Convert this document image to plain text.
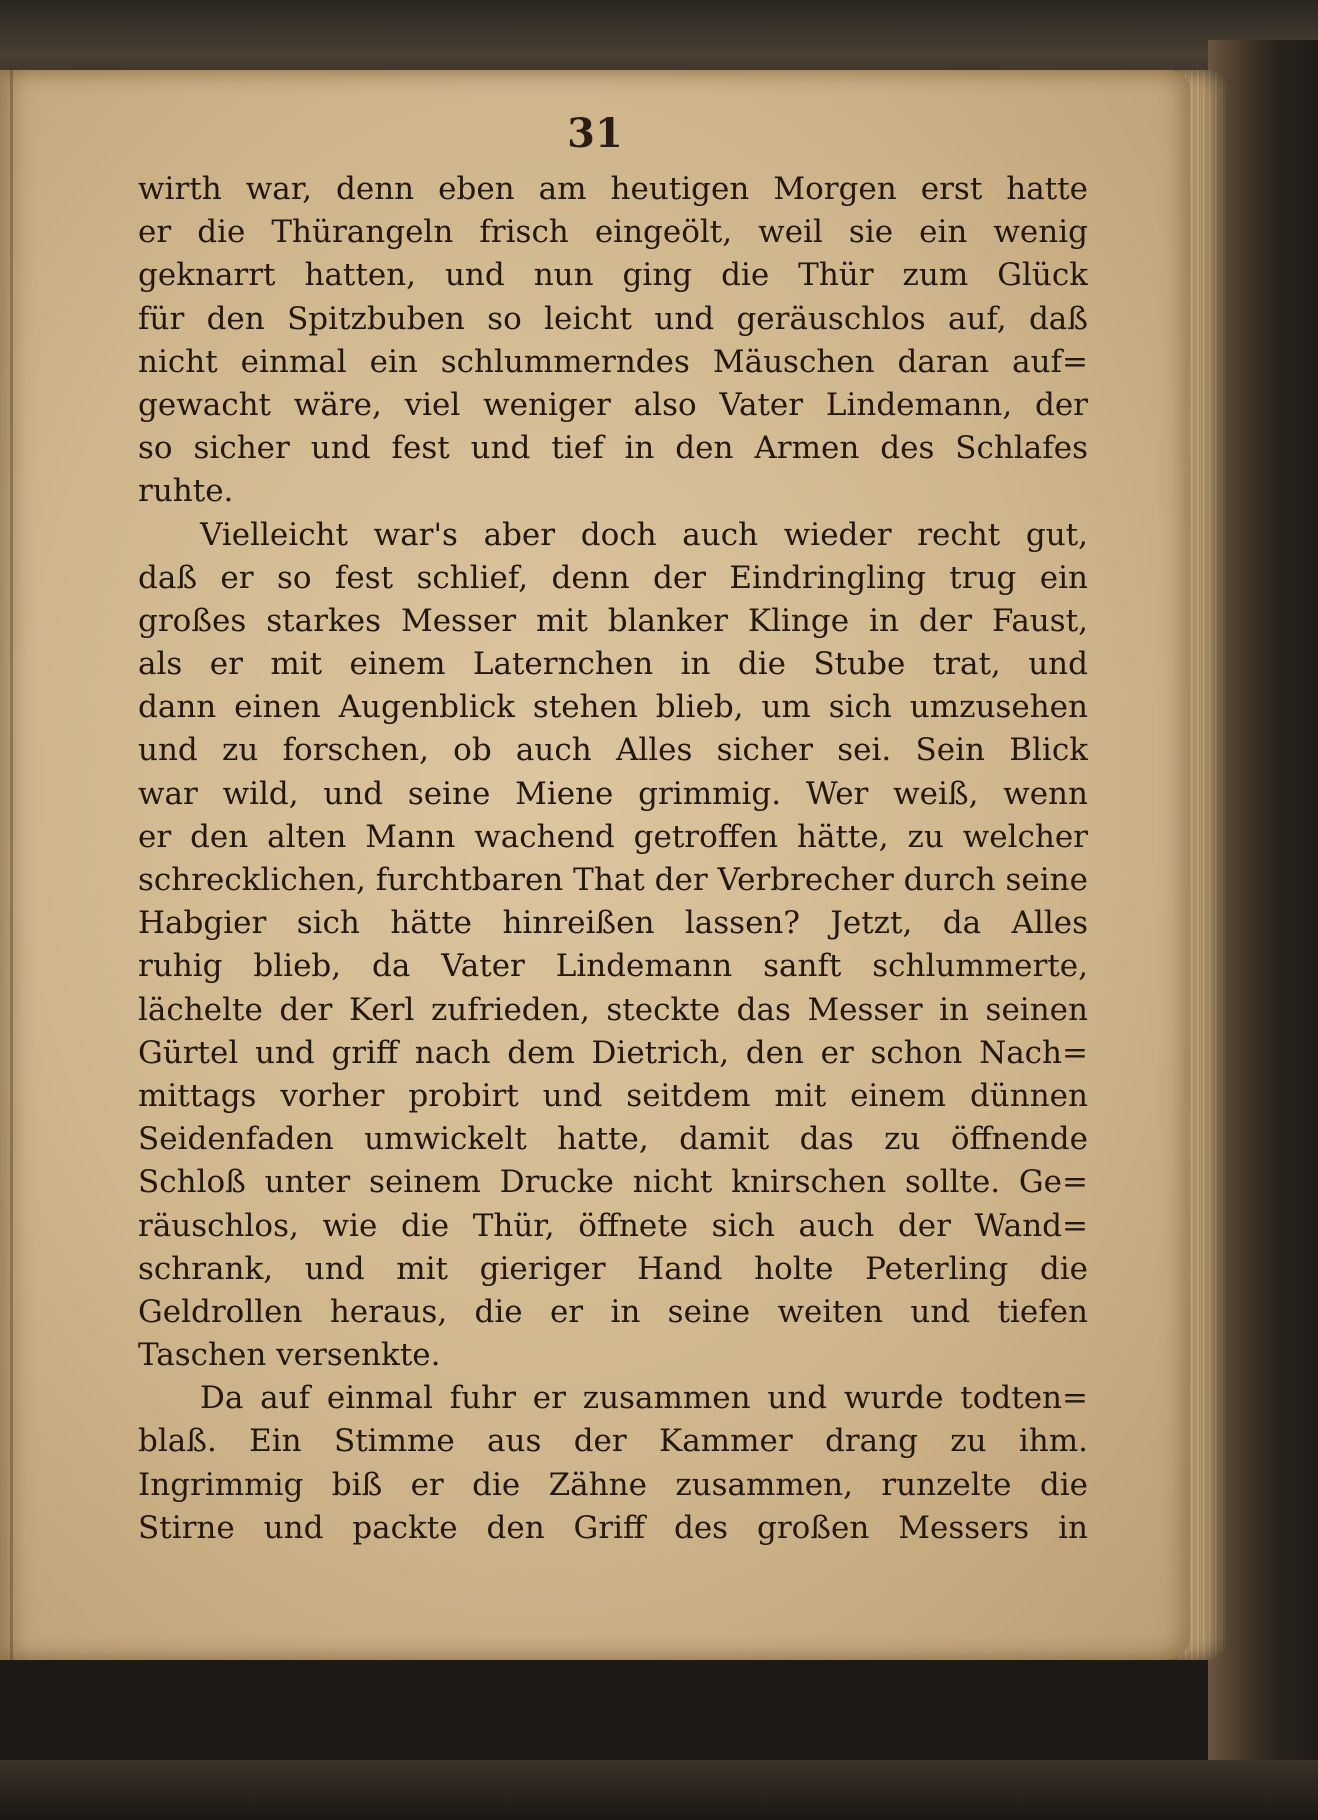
31
wirth war, denn eben am heutigen Morgen erst hatte
er die Thürangeln frisch eingeölt, weil sie ein wenig
geknarrt hatten, und nun ging die Thür zum Glück
für den Spitzbuben so leicht und geräuschlos auf, daß
nicht einmal ein schlummerndes Mäuschen daran auf=
gewacht wäre, viel weniger also Vater Lindemann, der
so sicher und fest und tief in den Armen des Schlafes
ruhte.
Vielleicht war's aber doch auch wieder recht gut,
daß er so fest schlief, denn der Eindringling trug ein
großes starkes Messer mit blanker Klinge in der Faust,
als er mit einem Laternchen in die Stube trat, und
dann einen Augenblick stehen blieb, um sich umzusehen
und zu forschen, ob auch Alles sicher sei. Sein Blick
war wild, und seine Miene grimmig. Wer weiß, wenn
er den alten Mann wachend getroffen hätte, zu welcher
schrecklichen, furchtbaren That der Verbrecher durch seine
Habgier sich hätte hinreißen lassen? Jetzt, da Alles
ruhig blieb, da Vater Lindemann sanft schlummerte,
lächelte der Kerl zufrieden, steckte das Messer in seinen
Gürtel und griff nach dem Dietrich, den er schon Nach=
mittags vorher probirt und seitdem mit einem dünnen
Seidenfaden umwickelt hatte, damit das zu öffnende
Schloß unter seinem Drucke nicht knirschen sollte. Ge=
räuschlos, wie die Thür, öffnete sich auch der Wand=
schrank, und mit gieriger Hand holte Peterling die
Geldrollen heraus, die er in seine weiten und tiefen
Taschen versenkte.
Da auf einmal fuhr er zusammen und wurde todten=
blaß. Ein Stimme aus der Kammer drang zu ihm.
Ingrimmig biß er die Zähne zusammen, runzelte die
Stirne und packte den Griff des großen Messers in
